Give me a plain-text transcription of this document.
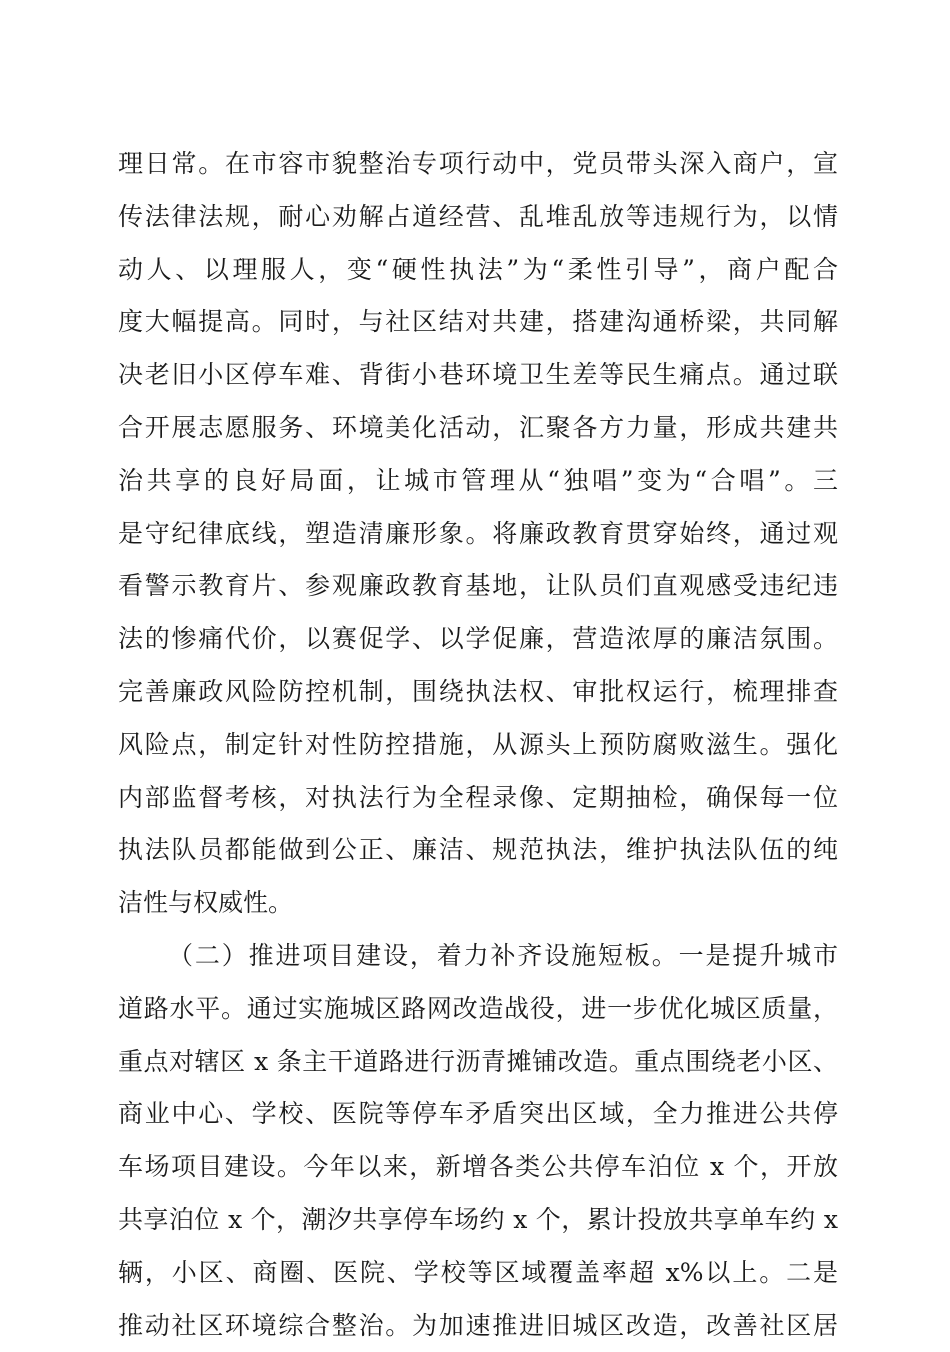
理日常。在市容市貌整治专项行动中，党员带头深入商户，宣
传法律法规，耐心劝解占道经营、乱堆乱放等违规行为，以情
动人、以理服人，变“硬性执法”为“柔性引导”，商户配合
度大幅提高。同时，与社区结对共建，搭建沟通桥梁，共同解
决老旧小区停车难、背街小巷环境卫生差等民生痛点。通过联
合开展志愿服务、环境美化活动，汇聚各方力量，形成共建共
治共享的良好局面，让城市管理从“独唱”变为“合唱”。三
是守纪律底线，塑造清廉形象。将廉政教育贯穿始终，通过观
看警示教育片、参观廉政教育基地，让队员们直观感受违纪违
法的惨痛代价，以赛促学、以学促廉，营造浓厚的廉洁氛围。
完善廉政风险防控机制，围绕执法权、审批权运行，梳理排查
风险点，制定针对性防控措施，从源头上预防腐败滋生。强化
内部监督考核，对执法行为全程录像、定期抽检，确保每一位
执法队员都能做到公正、廉洁、规范执法，维护执法队伍的纯
洁性与权威性。
（二）推进项目建设，着力补齐设施短板。一是提升城市
道路水平。通过实施城区路网改造战役，进一步优化城区质量，
重点对辖区 x 条主干道路进行沥青摊铺改造。重点围绕老小区、
商业中心、学校、医院等停车矛盾突出区域，全力推进公共停
车场项目建设。今年以来，新增各类公共停车泊位 x 个，开放
共享泊位 x 个，潮汐共享停车场约 x 个，累计投放共享单车约 x
辆，小区、商圈、医院、学校等区域覆盖率超 x%以上。二是
推动社区环境综合整治。为加速推进旧城区改造，改善社区居
